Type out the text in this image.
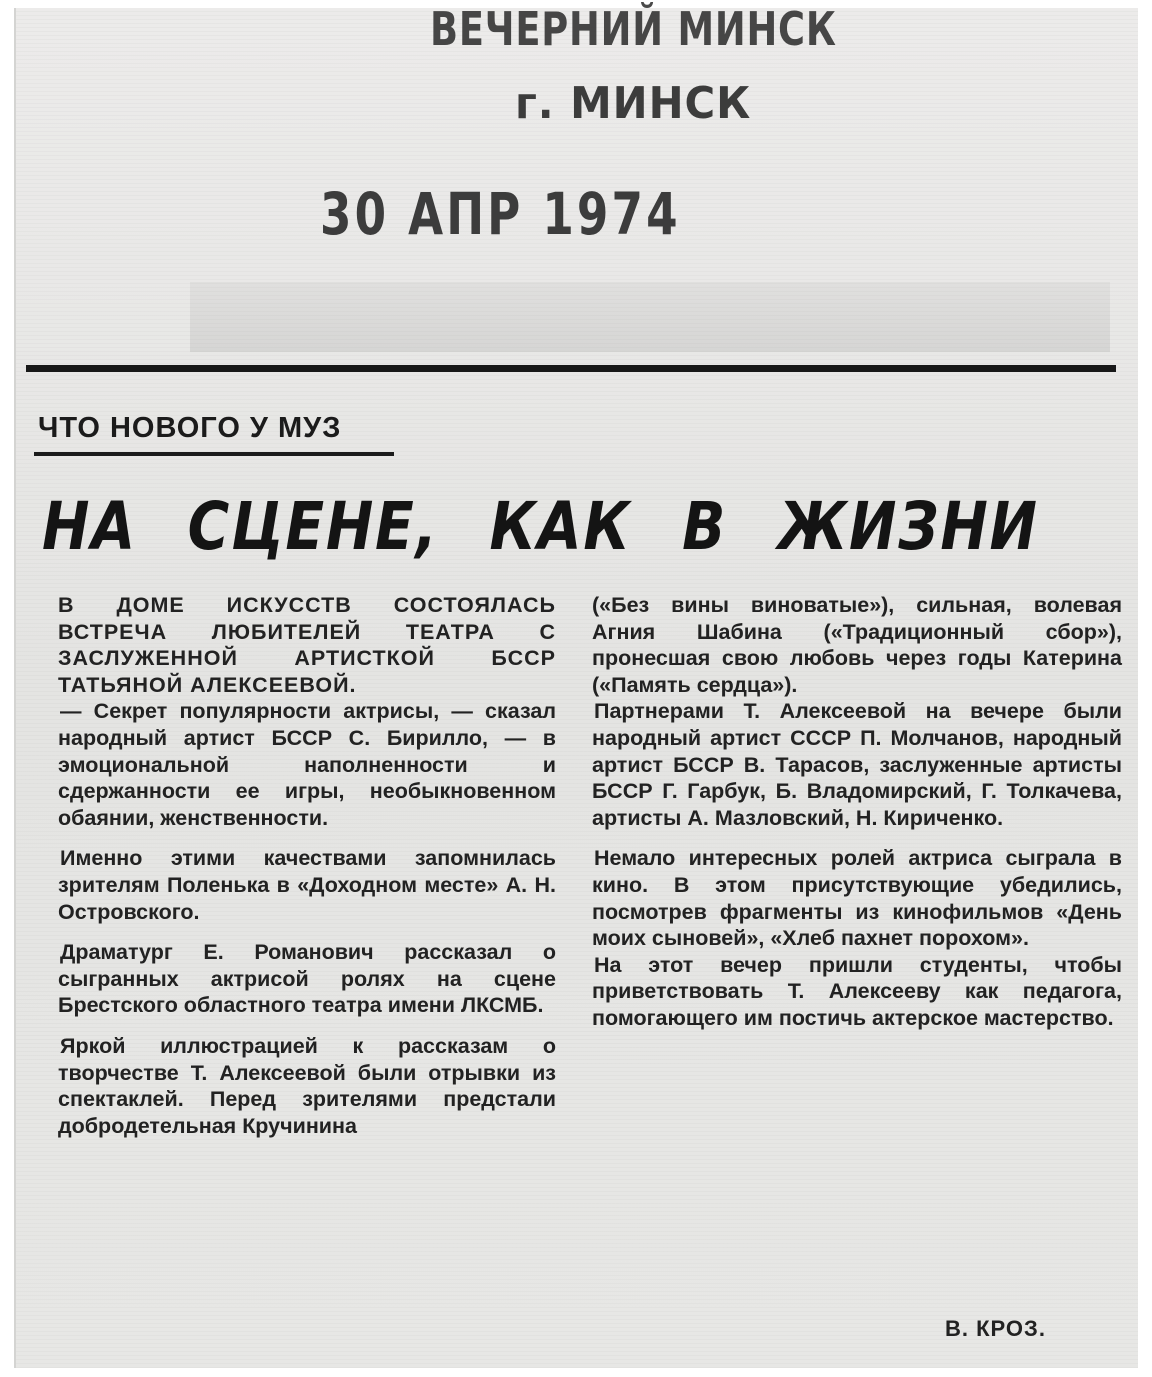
ВЕЧЕРНИЙ МИНСК
г. МИНСК
30 АПР 1974
ЧТО НОВОГО У МУЗ
НА СЦЕНЕ, КАК В ЖИЗНИ

В ДОМЕ ИСКУССТВ СОСТОЯЛАСЬ ВСТРЕЧА ЛЮБИТЕЛЕЙ ТЕАТРА С ЗАСЛУЖЕННОЙ АРТИСТКОЙ БССР ТАТЬЯНОЙ АЛЕКСЕЕВОЙ.

— Секрет популярности актрисы, — сказал народный артист БССР С. Бирилло, — в эмоциональной наполненности и сдержанности ее игры, необыкновенном обаянии, женственности.

Именно этими качествами запомнилась зрителям Поленька в «Доходном месте» А. Н. Островского.

Драматург Е. Романович рассказал о сыгранных актрисой ролях на сцене Брестского областного театра имени ЛКСМБ.

Яркой иллюстрацией к рассказам о творчестве Т. Алексеевой были отрывки из спектаклей. Перед зрителями предстали добродетельная Кручинина

(«Без вины виноватые»), сильная, волевая Агния Шабина («Традиционный сбор»), пронесшая свою любовь через годы Катерина («Память сердца»).

Партнерами Т. Алексеевой на вечере были народный артист СССР П. Молчанов, народный артист БССР В. Тарасов, заслуженные артисты БССР Г. Гарбук, Б. Владомирский, Г. Толкачева, артисты А. Мазловский, Н. Кириченко.

Немало интересных ролей актриса сыграла в кино. В этом присутствующие убедились, посмотрев фрагменты из кинофильмов «День моих сыновей», «Хлеб пахнет порохом».

На этот вечер пришли студенты, чтобы приветствовать Т. Алексееву как педагога, помогающего им постичь актерское мастерство.

В. КРОЗ.
